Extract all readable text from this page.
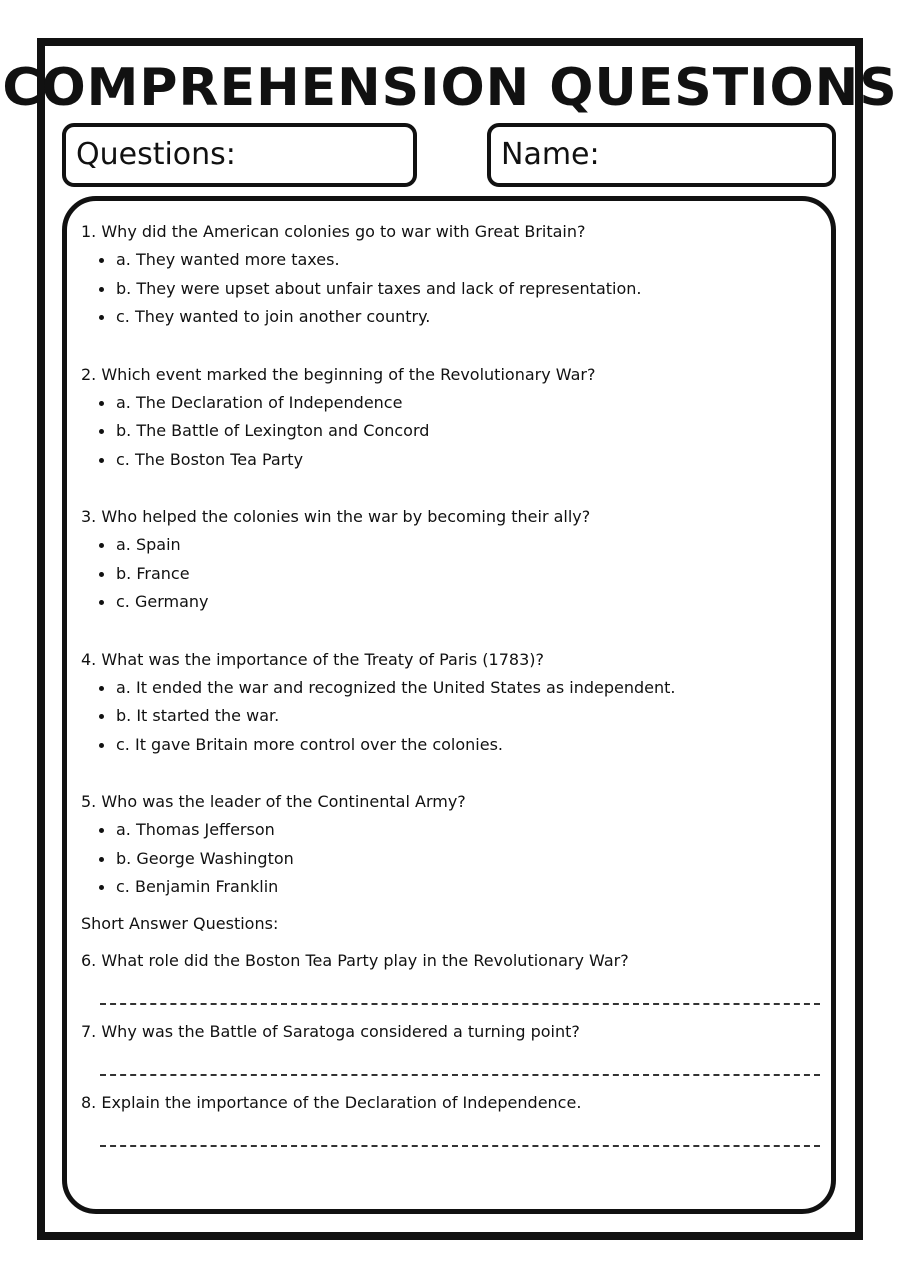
COMPREHENSION QUESTIONS
Questions:	Name:

1. Why did the American colonies go to war with Great Britain?

a. They wanted more taxes.
b. They were upset about unfair taxes and lack of representation.
c. They wanted to join another country.

2. Which event marked the beginning of the Revolutionary War?

a. The Declaration of Independence
b. The Battle of Lexington and Concord
c. The Boston Tea Party

3. Who helped the colonies win the war by becoming their ally?

a. Spain
b. France
c. Germany

4. What was the importance of the Treaty of Paris (1783)?

a. It ended the war and recognized the United States as independent.
b. It started the war.
c. It gave Britain more control over the colonies.

5. Who was the leader of the Continental Army?

a. Thomas Jefferson
b. George Washington
c. Benjamin Franklin

Short Answer Questions:

6. What role did the Boston Tea Party play in the Revolutionary War?

7. Why was the Battle of Saratoga considered a turning point?

8. Explain the importance of the Declaration of Independence.
